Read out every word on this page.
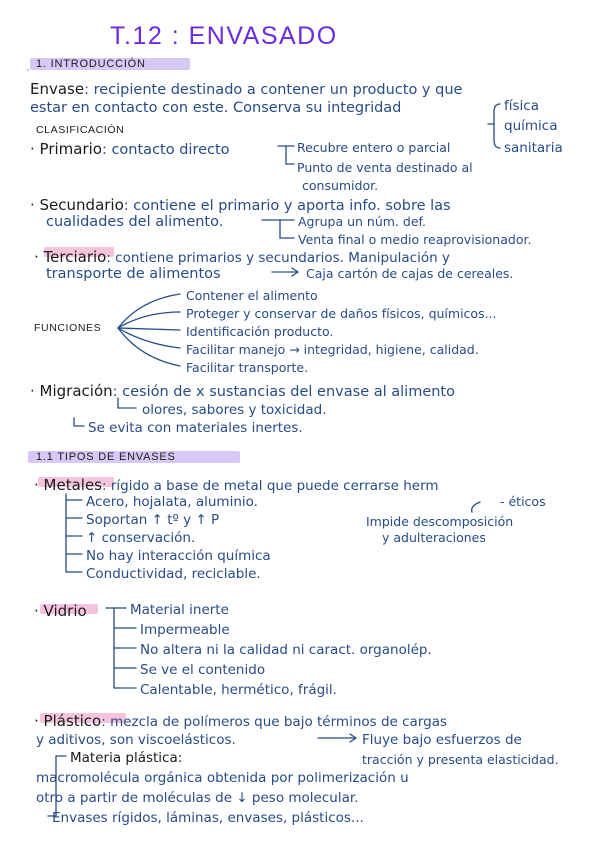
T.12 : ENVASADO
1. INTRODUCCIÓN
Envase: recipiente destinado a contener un producto y que
estar en contacto con este. Conserva su integridad	física
química
sanitaria
CLASIFICACIÓN
· Primario: contacto directo	Recubre entero o parcial
Punto de venta destinado al
consumidor.
· Secundario: contiene el primario y aporta info. sobre las
cualidades del alimento.	Agrupa un núm. def.
Venta final o medio reaprovisionador.
· Terciario: contiene primarios y secundarios. Manipulación y
transporte de alimentos	Caja cartón de cajas de cereales.
FUNCIONES
Contener el alimento
Proteger y conservar de daños físicos, químicos...
Identificación producto.
Facilitar manejo → integridad, higiene, calidad.
Facilitar transporte.
· Migración: cesión de x sustancias del envase al alimento
olores, sabores y toxicidad.
Se evita con materiales inertes.
1.1 TIPOS DE ENVASES
· Metales: rígido a base de metal que puede cerrarse herm
Acero, hojalata, aluminio.
Soportan ↑ tº y ↑ P
↑ conservación.
No hay interacción química
Conductividad, reciclable.
- éticos
Impide descomposición
y adulteraciones
· Vidrio	Material inerte
Impermeable
No altera ni la calidad ni caract. organolép.
Se ve el contenido
Calentable, hermético, frágil.
· Plástico: mezcla de polímeros que bajo términos de cargas
y aditivos, son viscoelásticos.	Fluye bajo esfuerzos de
Materia plástica:	tracción y presenta elasticidad.
macromolécula orgánica obtenida por polimerización u
otro a partir de moléculas de ↓ peso molecular.
Envases rígidos, láminas, envases, plásticos...
